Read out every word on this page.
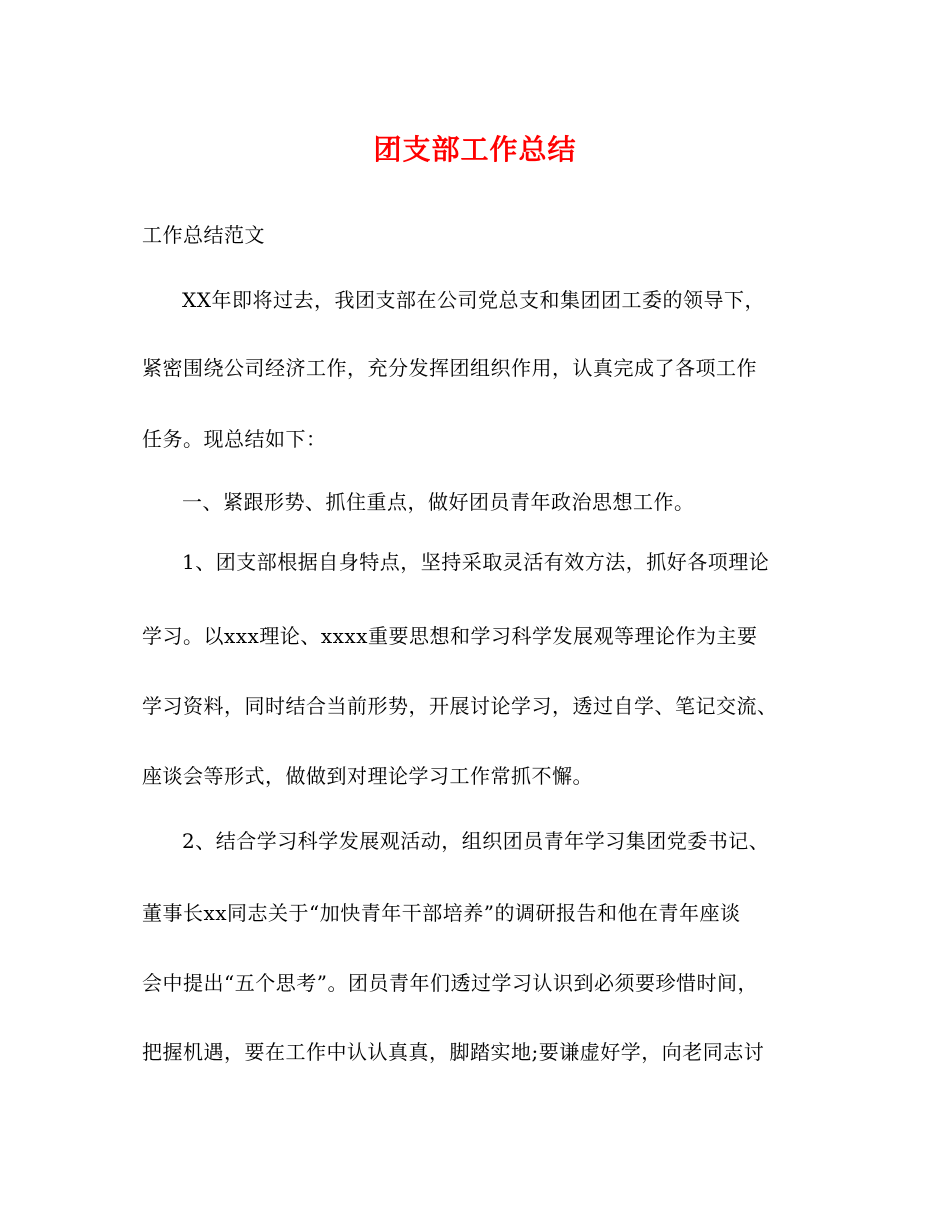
团支部工作总结
工作总结范文
XX年即将过去，我团支部在公司党总支和集团团工委的领导下，
紧密围绕公司经济工作，充分发挥团组织作用，认真完成了各项工作
任务。现总结如下：
一、紧跟形势、抓住重点，做好团员青年政治思想工作。
1、团支部根据自身特点，坚持采取灵活有效方法，抓好各项理论
学习。以xxx理论、xxxx重要思想和学习科学发展观等理论作为主要
学习资料，同时结合当前形势，开展讨论学习，透过自学、笔记交流、
座谈会等形式，做做到对理论学习工作常抓不懈。
2、结合学习科学发展观活动，组织团员青年学习集团党委书记、
董事长xx同志关于“加快青年干部培养”的调研报告和他在青年座谈
会中提出“五个思考”。团员青年们透过学习认识到必须要珍惜时间，
把握机遇，要在工作中认认真真，脚踏实地;要谦虚好学，向老同志讨
